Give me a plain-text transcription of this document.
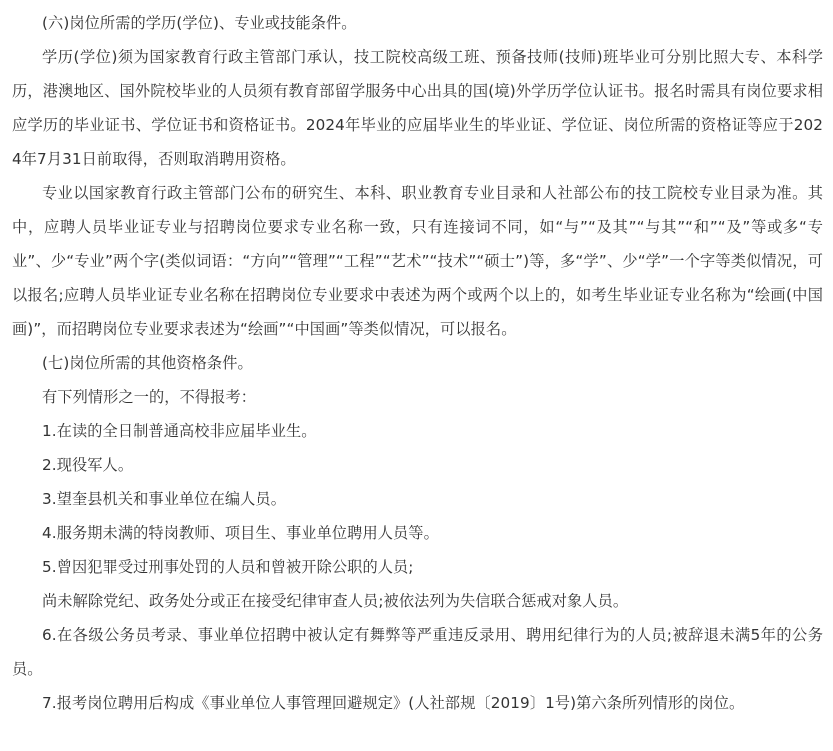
(六)岗位所需的学历(学位)、专业或技能条件。

学历(学位)须为国家教育行政主管部门承认，技工院校高级工班、预备技师(技师)班毕业可分别比照大专、本科学历，港澳地区、国外院校毕业的人员须有教育部留学服务中心出具的国(境)外学历学位认证书。报名时需具有岗位要求相应学历的毕业证书、学位证书和资格证书。2024年毕业的应届毕业生的毕业证、学位证、岗位所需的资格证等应于2024年7月31日前取得，否则取消聘用资格。

专业以国家教育行政主管部门公布的研究生、本科、职业教育专业目录和人社部公布的技工院校专业目录为准。其中，应聘人员毕业证专业与招聘岗位要求专业名称一致，只有连接词不同，如“与”“及其”“与其”“和”“及”等或多“专业”、少“专业”两个字(类似词语：“方向”“管理”“工程”“艺术”“技术”“硕士”)等，多“学”、少“学”一个字等类似情况，可以报名;应聘人员毕业证专业名称在招聘岗位专业要求中表述为两个或两个以上的，如考生毕业证专业名称为“绘画(中国画)”，而招聘岗位专业要求表述为“绘画”“中国画”等类似情况，可以报名。

(七)岗位所需的其他资格条件。

有下列情形之一的，不得报考：

1.在读的全日制普通高校非应届毕业生。

2.现役军人。

3.望奎县机关和事业单位在编人员。

4.服务期未满的特岗教师、项目生、事业单位聘用人员等。

5.曾因犯罪受过刑事处罚的人员和曾被开除公职的人员;

尚未解除党纪、政务处分或正在接受纪律审查人员;被依法列为失信联合惩戒对象人员。

6.在各级公务员考录、事业单位招聘中被认定有舞弊等严重违反录用、聘用纪律行为的人员;被辞退未满5年的公务员。

7.报考岗位聘用后构成《事业单位人事管理回避规定》(人社部规〔2019〕1号)第六条所列情形的岗位。
